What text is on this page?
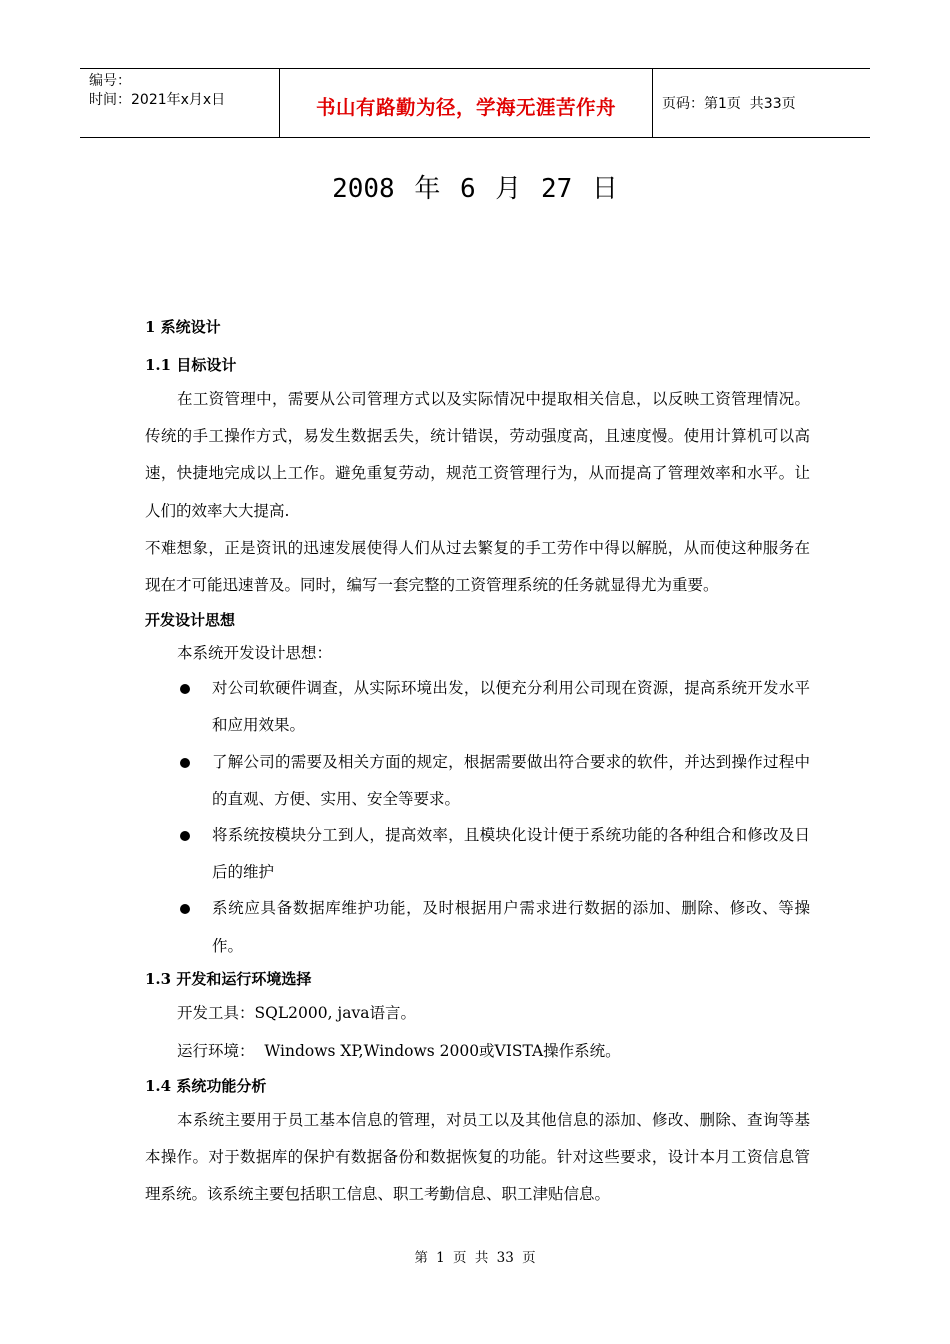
编号：
时间：2021年x月x日	书山有路勤为径，学海无涯苦作舟	页码：第1页  共33页
2008 年 6 月 27 日

1 系统设计

1.1 目标设计

在工资管理中，需要从公司管理方式以及实际情况中提取相关信息，以反映工资管理情况。传统的手工操作方式，易发生数据丢失，统计错误，劳动强度高，且速度慢。使用计算机可以高速，快捷地完成以上工作。避免重复劳动，规范工资管理行为，从而提高了管理效率和水平。让人们的效率大大提高.

不难想象，正是资讯的迅速发展使得人们从过去繁复的手工劳作中得以解脱，从而使这种服务在现在才可能迅速普及。同时，编写一套完整的工资管理系统的任务就显得尤为重要。

开发设计思想

本系统开发设计思想：

对公司软硬件调查，从实际环境出发，以便充分利用公司现在资源，提高系统开发水平和应用效果。
了解公司的需要及相关方面的规定，根据需要做出符合要求的软件，并达到操作过程中的直观、方便、实用、安全等要求。
将系统按模块分工到人，提高效率，且模块化设计便于系统功能的各种组合和修改及日后的维护
系统应具备数据库维护功能，及时根据用户需求进行数据的添加、删除、修改、等操作。

1.3 开发和运行环境选择

开发工具：SQL2000, java语言。

运行环境：  Windows XP,Windows 2000或VISTA操作系统。

1.4 系统功能分析

本系统主要用于员工基本信息的管理，对员工以及其他信息的添加、修改、删除、查询等基本操作。对于数据库的保护有数据备份和数据恢复的功能。针对这些要求，设计本月工资信息管理系统。该系统主要包括职工信息、职工考勤信息、职工津贴信息。

第 1 页 共 33 页
